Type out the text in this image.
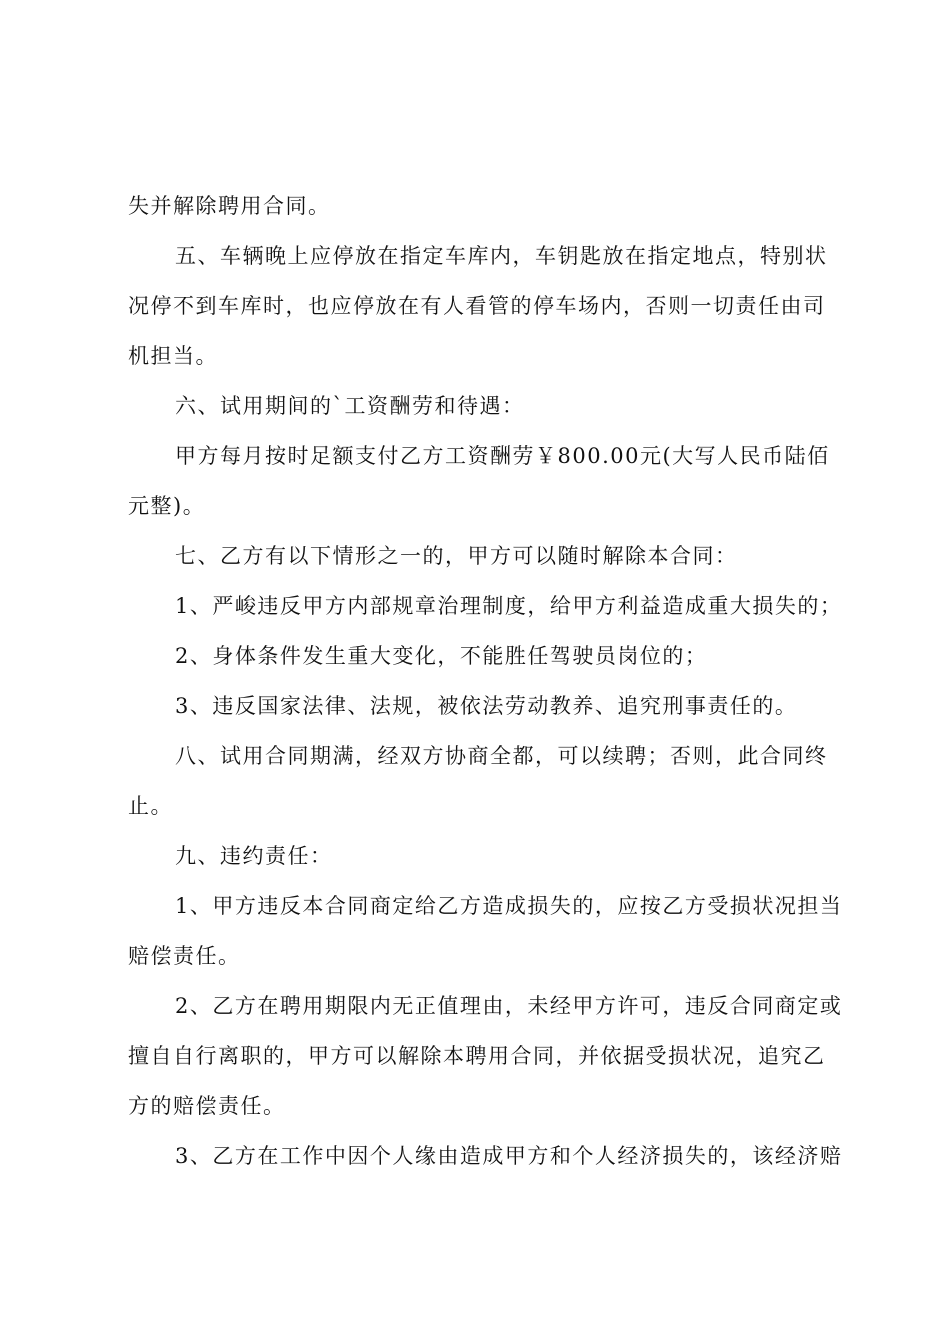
失并解除聘用合同。

五、车辆晚上应停放在指定车库内，车钥匙放在指定地点，特别状

况停不到车库时，也应停放在有人看管的停车场内，否则一切责任由司

机担当。

六、试用期间的`工资酬劳和待遇：

甲方每月按时足额支付乙方工资酬劳￥800.00元(大写人民币陆佰

元整)。

七、乙方有以下情形之一的，甲方可以随时解除本合同：

1、严峻违反甲方内部规章治理制度，给甲方利益造成重大损失的；

2、身体条件发生重大变化，不能胜任驾驶员岗位的；

3、违反国家法律、法规，被依法劳动教养、追究刑事责任的。

八、试用合同期满，经双方协商全都，可以续聘；否则，此合同终

止。

九、违约责任：

1、甲方违反本合同商定给乙方造成损失的，应按乙方受损状况担当

赔偿责任。

2、乙方在聘用期限内无正值理由，未经甲方许可，违反合同商定或

擅自自行离职的，甲方可以解除本聘用合同，并依据受损状况，追究乙

方的赔偿责任。

3、乙方在工作中因个人缘由造成甲方和个人经济损失的，该经济赔
